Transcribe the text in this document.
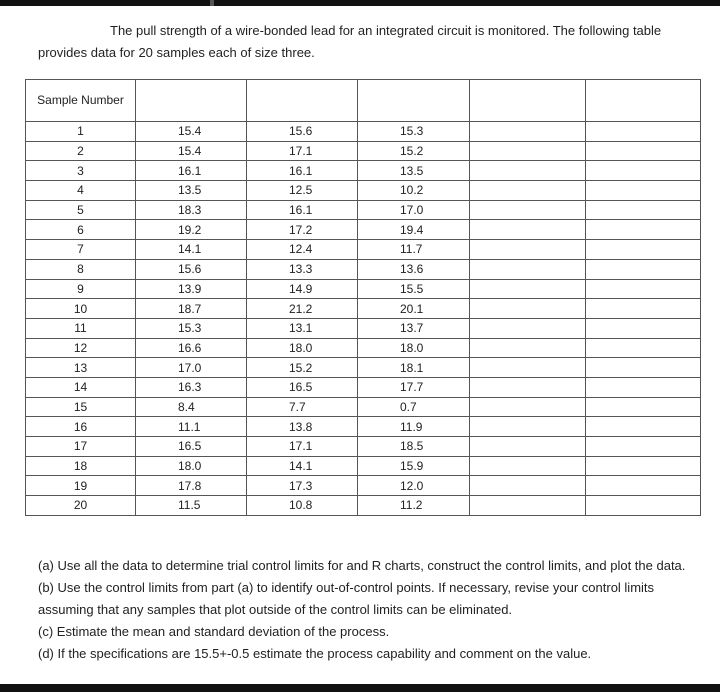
The pull strength of a wire-bonded lead for an integrated circuit is monitored. The following table provides data for 20 samples each of size three.

Sample Number					
1	15.4	15.6	15.3		
2	15.4	17.1	15.2		
3	16.1	16.1	13.5		
4	13.5	12.5	10.2		
5	18.3	16.1	17.0		
6	19.2	17.2	19.4		
7	14.1	12.4	11.7		
8	15.6	13.3	13.6		
9	13.9	14.9	15.5		
10	18.7	21.2	20.1		
11	15.3	13.1	13.7		
12	16.6	18.0	18.0		
13	17.0	15.2	18.1		
14	16.3	16.5	17.7		
15	8.4	7.7	0.7		
16	11.1	13.8	11.9		
17	16.5	17.1	18.5		
18	18.0	14.1	15.9		
19	17.8	17.3	12.0		
20	11.5	10.8	11.2		

(a) Use all the data to determine trial control limits for and R charts, construct the control limits, and plot the data.

(b) Use the control limits from part (a) to identify out-of-control points. If necessary, revise your control limits assuming that any samples that plot outside of the control limits can be eliminated.

(c) Estimate the mean and standard deviation of the process.

(d) If the specifications are 15.5+-0.5 estimate the process capability and comment on the value.
